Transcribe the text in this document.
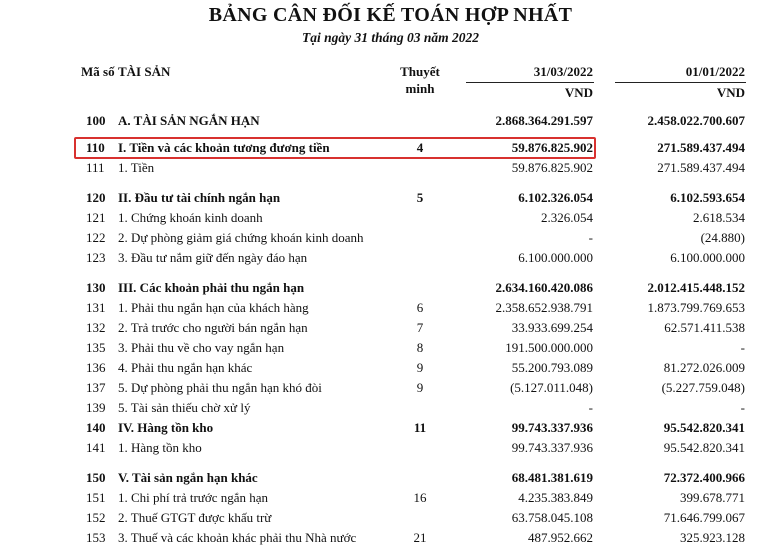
BẢNG CÂN ĐỐI KẾ TOÁN HỢP NHẤT
Tại ngày 31 tháng 03 năm 2022
Mã số TÀI SẢN	Thuyết
minh
31/03/2022	01/01/2022
VND	VND
100 A. TÀI SẢN NGẮN HẠN	2.868.364.291.597	2.458.022.700.607
110	I. Tiền và các khoản tương đương tiền	4	59.876.825.902	271.589.437.494
111	1. Tiền	59.876.825.902	271.589.437.494
120 II. Đầu tư tài chính ngắn hạn	5	6.102.326.054	6.102.593.654
121 1. Chứng khoán kinh doanh	2.326.054	2.618.534
122 2. Dự phòng giảm giá chứng khoán kinh doanh	-	(24.880)
123 3. Đầu tư nắm giữ đến ngày đáo hạn	6.100.000.000	6.100.000.000
130 III. Các khoản phải thu ngắn hạn	2.634.160.420.086	2.012.415.448.152
131 1. Phải thu ngắn hạn của khách hàng	6	2.358.652.938.791	1.873.799.769.653
132 2. Trả trước cho người bán ngắn hạn	7	33.933.699.254	62.571.411.538
135 3. Phải thu về cho vay ngắn hạn	8	191.500.000.000	-
136 4. Phải thu ngắn hạn khác	9	55.200.793.089	81.272.026.009
137 5. Dự phòng phải thu ngắn hạn khó đòi	9	(5.127.011.048)	(5.227.759.048)
139 5. Tài sản thiếu chờ xử lý	-	-
140 IV. Hàng tồn kho	11	99.743.337.936	95.542.820.341
141 1. Hàng tồn kho	99.743.337.936	95.542.820.341
150 V. Tài sản ngắn hạn khác	68.481.381.619	72.372.400.966
151 1. Chi phí trả trước ngắn hạn	16	4.235.383.849	399.678.771
152 2. Thuế GTGT được khấu trừ	63.758.045.108	71.646.799.067
153 3. Thuế và các khoản khác phải thu Nhà nước	21	487.952.662	325.923.128
